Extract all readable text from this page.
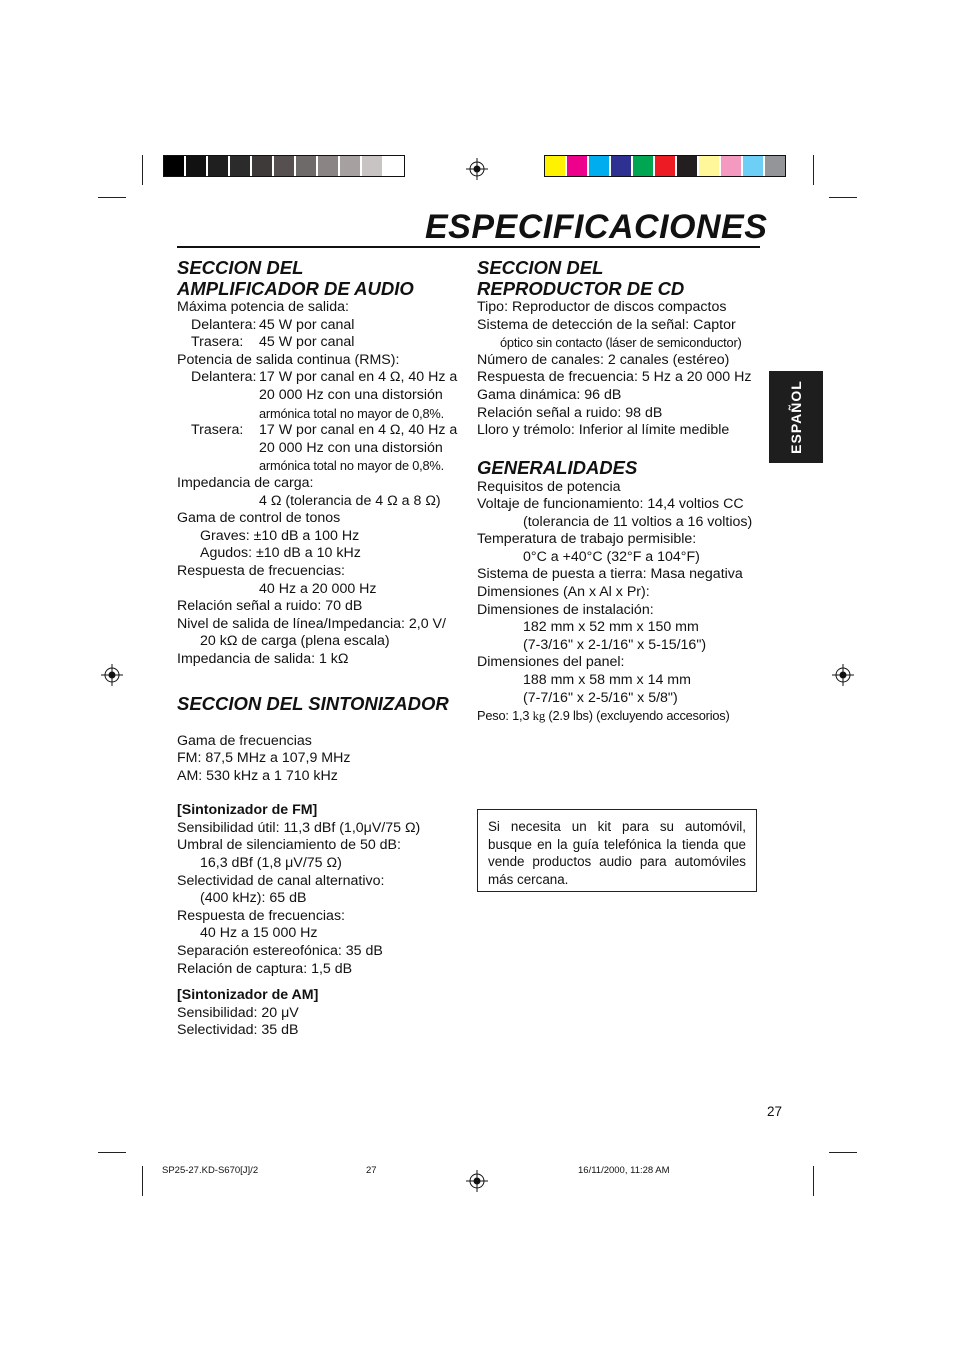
ESPECIFICACIONES
SECCION DEL
AMPLIFICADOR DE AUDIO
Máxima potencia de salida:
Delantera: 45 W por canal
Trasera: 45 W por canal
Potencia de salida continua (RMS):
Delantera: 17 W por canal en 4 Ω, 40 Hz a
20 000 Hz con una distorsión
armónica total no mayor de 0,8%.
Trasera: 17 W por canal en 4 Ω, 40 Hz a
20 000 Hz con una distorsión
armónica total no mayor de 0,8%.
Impedancia de carga:
4 Ω (tolerancia de 4 Ω a 8 Ω)
Gama de control de tonos
Graves: ±10 dB a 100 Hz
Agudos: ±10 dB a 10 kHz
Respuesta de frecuencias:
40 Hz a 20 000 Hz
Relación señal a ruido: 70 dB
Nivel de salida de línea/Impedancia: 2,0 V/
20 kΩ de carga (plena escala)
Impedancia de salida: 1 kΩ
SECCION DEL SINTONIZADOR
Gama de frecuencias
FM: 87,5 MHz a 107,9 MHz
AM: 530 kHz a 1 710 kHz
[Sintonizador de FM]
Sensibilidad útil: 11,3 dBf (1,0μV/75 Ω)
Umbral de silenciamiento de 50 dB:
16,3 dBf (1,8 μV/75 Ω)
Selectividad de canal alternativo:
(400 kHz): 65 dB
Respuesta de frecuencias:
40 Hz a 15 000 Hz
Separación estereofónica: 35 dB
Relación de captura: 1,5 dB
[Sintonizador de AM]
Sensibilidad: 20 μV
Selectividad: 35 dB
SECCION DEL
REPRODUCTOR DE CD
Tipo: Reproductor de discos compactos
Sistema de detección de la señal: Captor
óptico sin contacto (láser de semiconductor)
Número de canales: 2 canales (estéreo)
Respuesta de frecuencia: 5 Hz a 20 000 Hz
Gama dinámica: 96 dB
Relación señal a ruido: 98 dB
Lloro y trémolo: Inferior al límite medible
GENERALIDADES
Requisitos de potencia
Voltaje de funcionamiento: 14,4 voltios CC
(tolerancia de 11 voltios a 16 voltios)
Temperatura de trabajo permisible:
0°C a +40°C (32°F a 104°F)
Sistema de puesta a tierra: Masa negativa
Dimensiones (An x Al x Pr):
Dimensiones de instalación:
182 mm x 52 mm x 150 mm
(7-3/16" x 2-1/16" x 5-15/16")
Dimensiones del panel:
188 mm x 58 mm x 14 mm
(7-7/16" x 2-5/16" x 5/8")
Peso: 1,3 kg (2.9 lbs) (excluyendo accesorios)
Si necesita un kit para su automóvil, busque en la guía telefónica la tienda que vende productos audio para automóviles más cercana.
ESPAÑOL
27
SP25-27.KD-S670[J]/2	27	16/11/2000, 11:28 AM
